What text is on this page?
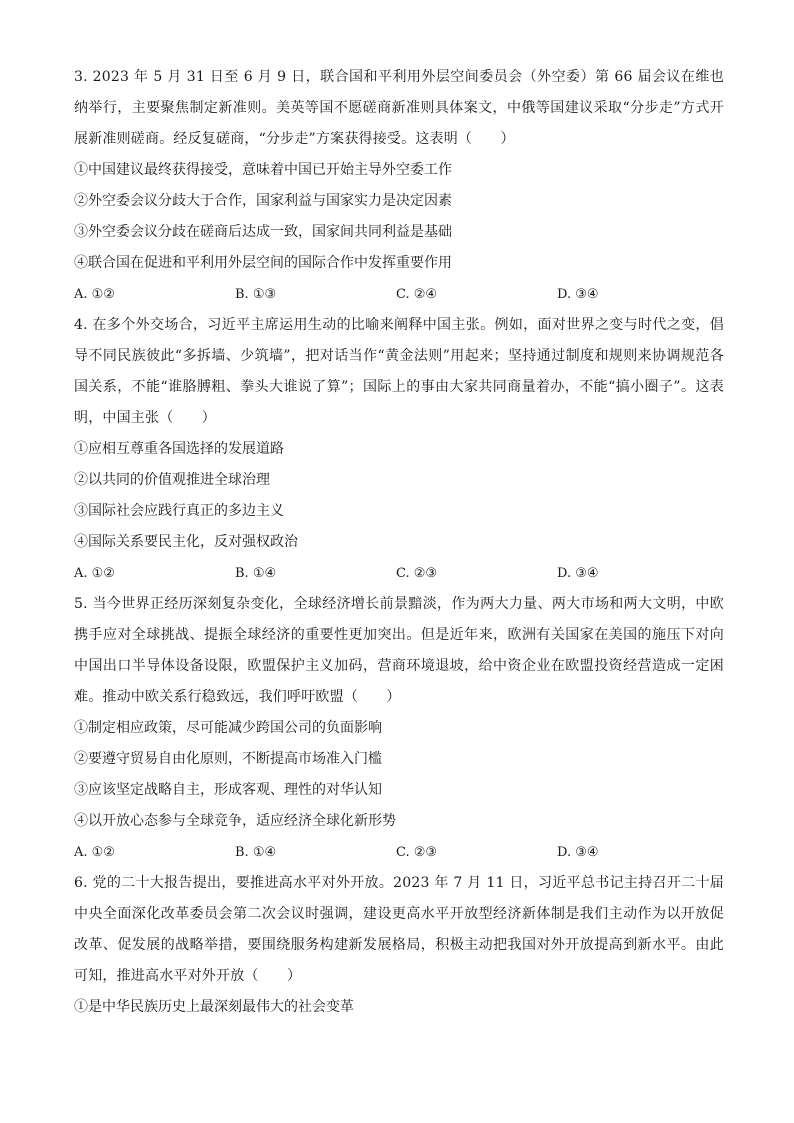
3. 2023 年 5 月 31 日至 6 月 9 日，联合国和平利用外层空间委员会（外空委）第 66 届会议在维也纳举行，主要聚焦制定新准则。美英等国不愿磋商新准则具体案文，中俄等国建议采取“分步走”方式开展新准则磋商。经反复磋商，“分步走”方案获得接受。这表明（　　）

①中国建议最终获得接受，意味着中国已开始主导外空委工作

②外空委会议分歧大于合作，国家利益与国家实力是决定因素

③外空委会议分歧在磋商后达成一致，国家间共同利益是基础

④联合国在促进和平利用外层空间的国际合作中发挥重要作用

A. ①②	B. ①③	C. ②④	D. ③④

4. 在多个外交场合，习近平主席运用生动的比喻来阐释中国主张。例如，面对世界之变与时代之变，倡导不同民族彼此“多拆墙、少筑墙”，把对话当作“黄金法则”用起来；坚持通过制度和规则来协调规范各国关系，不能“谁胳膊粗、拳头大谁说了算”；国际上的事由大家共同商量着办，不能“搞小圈子”。这表明，中国主张（　　）

①应相互尊重各国选择的发展道路

②以共同的价值观推进全球治理

③国际社会应践行真正的多边主义

④国际关系要民主化，反对强权政治

A. ①②	B. ①④	C. ②③	D. ③④

5. 当今世界正经历深刻复杂变化，全球经济增长前景黯淡，作为两大力量、两大市场和两大文明，中欧携手应对全球挑战、提振全球经济的重要性更加突出。但是近年来，欧洲有关国家在美国的施压下对向中国出口半导体设备设限，欧盟保护主义加码，营商环境退坡，给中资企业在欧盟投资经营造成一定困难。推动中欧关系行稳致远，我们呼吁欧盟（　　）

①制定相应政策，尽可能减少跨国公司的负面影响

②要遵守贸易自由化原则，不断提高市场准入门槛

③应该坚定战略自主，形成客观、理性的对华认知

④以开放心态参与全球竞争，适应经济全球化新形势

A. ①②	B. ①④	C. ②③	D. ③④

6. 党的二十大报告提出，要推进高水平对外开放。2023 年 7 月 11 日，习近平总书记主持召开二十届中央全面深化改革委员会第二次会议时强调，建设更高水平开放型经济新体制是我们主动作为以开放促改革、促发展的战略举措，要围绕服务构建新发展格局，积极主动把我国对外开放提高到新水平。由此可知，推进高水平对外开放（　　）

①是中华民族历史上最深刻最伟大的社会变革
